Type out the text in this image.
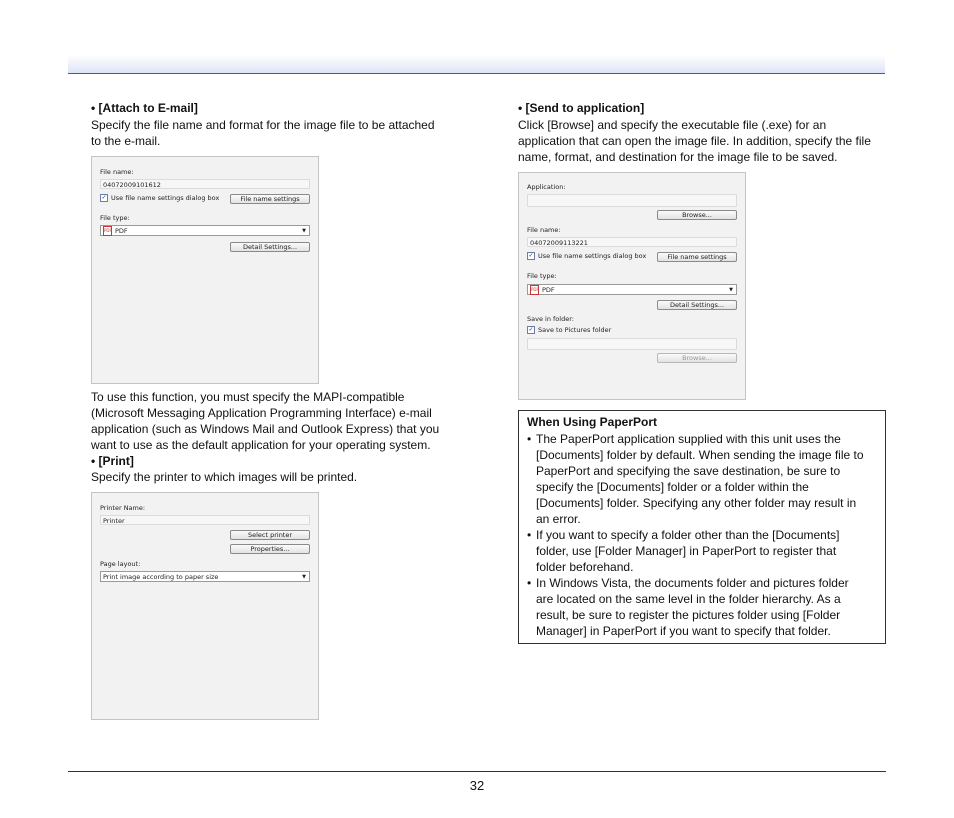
• [Attach to E-mail]
Specify the file name and format for the image file to be attached
to the e-mail.
File name:
04072009101612
✓ Use file name settings dialog box	File name settings
File type:
PDF PDF	▼
Detail Settings...
To use this function, you must specify the MAPI-compatible
(Microsoft Messaging Application Programming Interface) e-mail
application (such as Windows Mail and Outlook Express) that you
want to use as the default application for your operating system.
• [Print]
Specify the printer to which images will be printed.
Printer Name:
Printer
Select printer
Properties...
Page layout:
Print image according to paper size	▼
• [Send to application]
Click [Browse] and specify the executable file (.exe) for an
application that can open the image file. In addition, specify the file
name, format, and destination for the image file to be saved.
Application:
Browse...
File name:
04072009113221
✓ Use file name settings dialog box	File name settings
File type:
PDF PDF	▼
Detail Settings...
Save in folder:
✓ Save to Pictures folder
Browse...
When Using PaperPort
• The PaperPort application supplied with this unit uses the
[Documents] folder by default. When sending the image file to
PaperPort and specifying the save destination, be sure to
specify the [Documents] folder or a folder within the
[Documents] folder. Specifying any other folder may result in
an error.
• If you want to specify a folder other than the [Documents]
folder, use [Folder Manager] in PaperPort to register that
folder beforehand.
• In Windows Vista, the documents folder and pictures folder
are located on the same level in the folder hierarchy. As a
result, be sure to register the pictures folder using [Folder
Manager] in PaperPort if you want to specify that folder.
32
